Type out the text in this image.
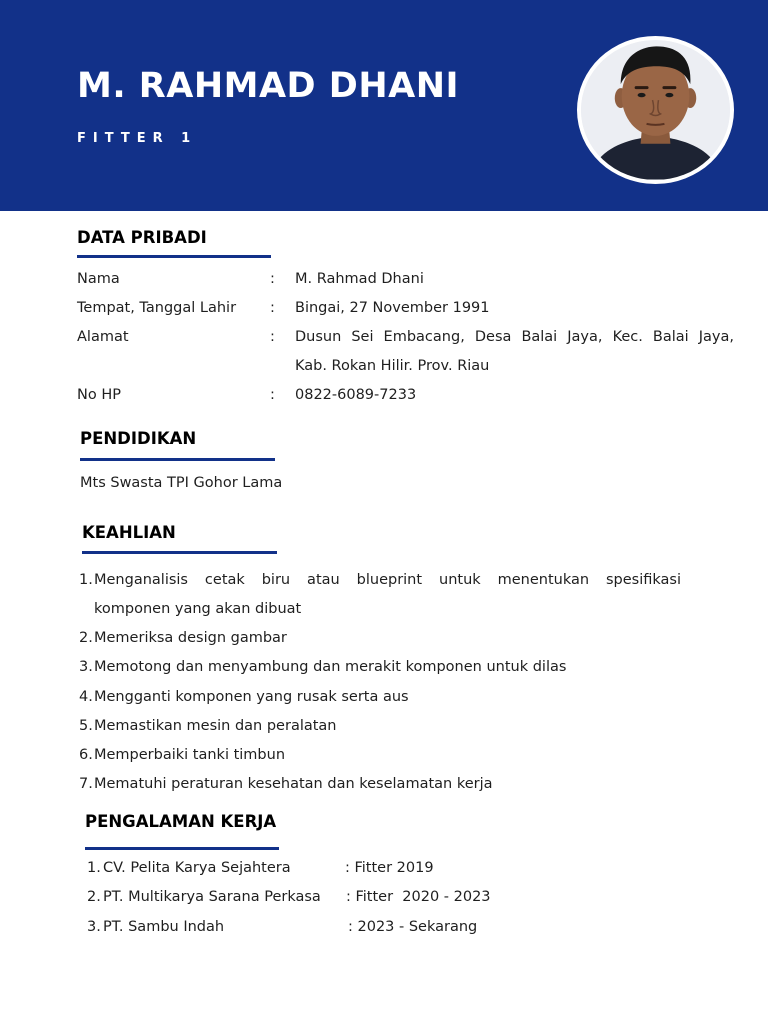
M. RAHMAD DHANI
FITTER 1
DATA PRIBADI
Nama	: M. Rahmad Dhani
Tempat, Tanggal Lahir : Bingai, 27 November 1991
Alamat	: Dusun Sei Embacang, Desa Balai Jaya, Kec. Balai Jaya,
Kab. Rokan Hilir. Prov. Riau
No HP	: 0822-6089-7233
PENDIDIKAN
Mts Swasta TPI Gohor Lama
KEAHLIAN
1. Menganalisis cetak biru atau blueprint untuk menentukan spesifikasi
komponen yang akan dibuat
2. Memeriksa design gambar
3. Memotong dan menyambung dan merakit komponen untuk dilas
4. Mengganti komponen yang rusak serta aus
5. Memastikan mesin dan peralatan
6. Memperbaiki tanki timbun
7. Mematuhi peraturan kesehatan dan keselamatan kerja
PENGALAMAN KERJA
1. CV. Pelita Karya Sejahtera	: Fitter 2019
2. PT. Multikarya Sarana Perkasa : Fitter  2020 - 2023
3. PT. Sambu Indah	: 2023 - Sekarang
